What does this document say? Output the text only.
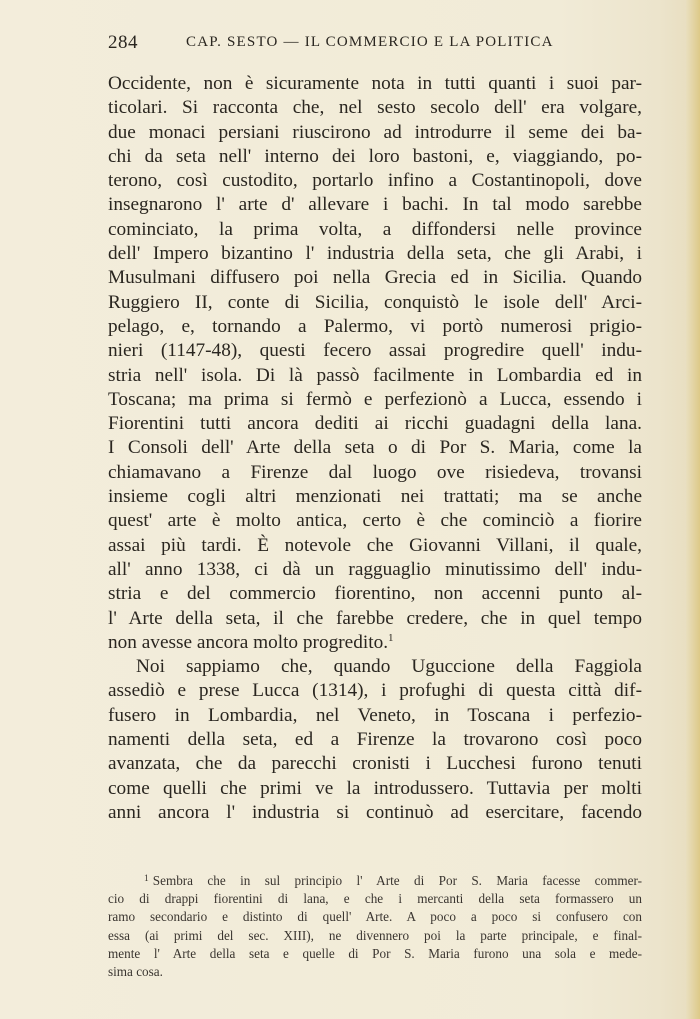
284	CAP. SESTO — IL COMMERCIO E LA POLITICA
Occidente, non è sicuramente nota in tutti quanti i suoi par-
ticolari. Si racconta che, nel sesto secolo dell' era volgare,
due monaci persiani riuscirono ad introdurre il seme dei ba-
chi da seta nell' interno dei loro bastoni, e, viaggiando, po-
terono, così custodito, portarlo infino a Costantinopoli, dove
insegnarono l' arte d' allevare i bachi. In tal modo sarebbe
cominciato, la prima volta, a diffondersi nelle province
dell' Impero bizantino l' industria della seta, che gli Arabi, i
Musulmani diffusero poi nella Grecia ed in Sicilia. Quando
Ruggiero II, conte di Sicilia, conquistò le isole dell' Arci-
pelago, e, tornando a Palermo, vi portò numerosi prigio-
nieri (1147-48), questi fecero assai progredire quell' indu-
stria nell' isola. Di là passò facilmente in Lombardia ed in
Toscana; ma prima si fermò e perfezionò a Lucca, essendo i
Fiorentini tutti ancora dediti ai ricchi guadagni della lana.
I Consoli dell' Arte della seta o di Por S. Maria, come la
chiamavano a Firenze dal luogo ove risiedeva, trovansi
insieme cogli altri menzionati nei trattati; ma se anche
quest' arte è molto antica, certo è che cominciò a fiorire
assai più tardi. È notevole che Giovanni Villani, il quale,
all' anno 1338, ci dà un ragguaglio minutissimo dell' indu-
stria e del commercio fiorentino, non accenni punto al-
l' Arte della seta, il che farebbe credere, che in quel tempo
non avesse ancora molto progredito.$^1$
Noi sappiamo che, quando Uguccione della Faggiola
assediò e prese Lucca (1314), i profughi di questa città dif-
fusero in Lombardia, nel Veneto, in Toscana i perfezio-
namenti della seta, ed a Firenze la trovarono così poco
avanzata, che da parecchi cronisti i Lucchesi furono tenuti
come quelli che primi ve la introdussero. Tuttavia per molti
anni ancora l' industria si continuò ad esercitare, facendo
$^1$ Sembra che in sul principio l' Arte di Por S. Maria facesse commer-
cio di drappi fiorentini di lana, e che i mercanti della seta formassero un
ramo secondario e distinto di quell' Arte. A poco a poco si confusero con
essa (ai primi del sec. XIII), ne divennero poi la parte principale, e final-
mente l' Arte della seta e quelle di Por S. Maria furono una sola e mede-
sima cosa.
